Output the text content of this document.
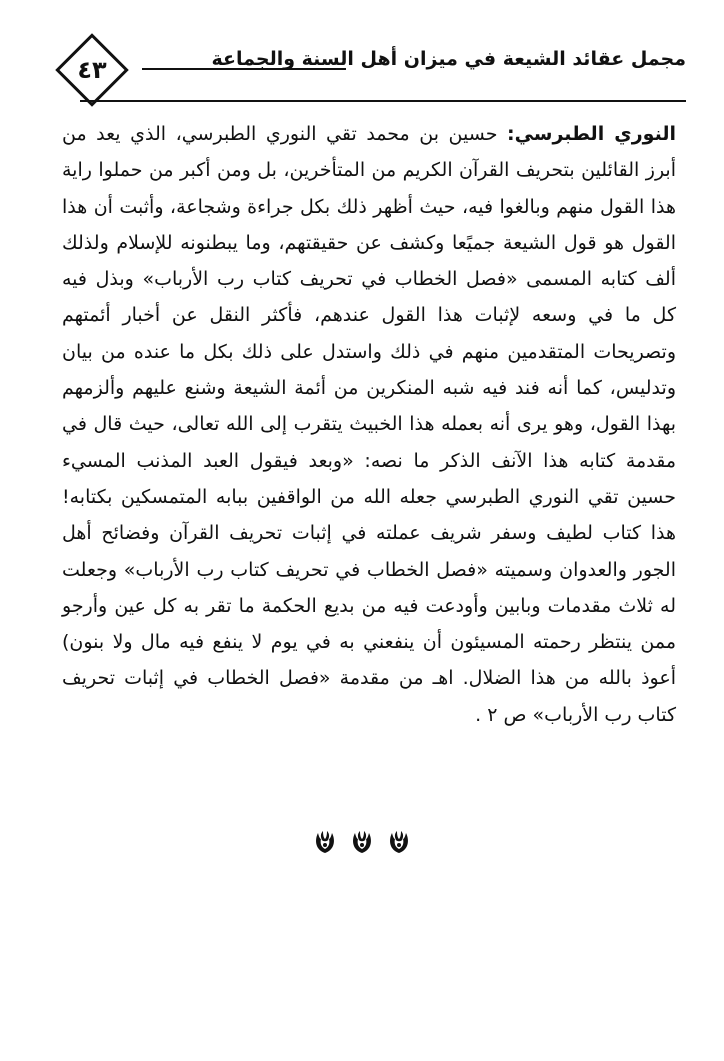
٤٣	مجمل عقائد الشيعة في ميزان أهل السنة والجماعة
النوري الطبرسي: حسين بن محمد تقي النوري الطبرسي، الذي يعد من أبرز القائلين بتحريف القرآن الكريم من المتأخرين، بل ومن أكبر من حملوا راية هذا القول منهم وبالغوا فيه، حيث أظهر ذلك بكل جراءة وشجاعة، وأثبت أن هذا القول هو قول الشيعة جميًعا وكشف عن حقيقتهم، وما يبطنونه للإسلام ولذلك ألف كتابه المسمى «فصل الخطاب في تحريف كتاب رب الأرباب» وبذل فيه كل ما في وسعه لإثبات هذا القول عندهم، فأكثر النقل عن أخبار أئمتهم وتصريحات المتقدمين منهم في ذلك واستدل على ذلك بكل ما عنده من بيان وتدليس، كما أنه فند فيه شبه المنكرين من أئمة الشيعة وشنع عليهم وألزمهم بهذا القول، وهو يرى أنه بعمله هذا الخبيث يتقرب إلى الله تعالى، حيث قال في مقدمة كتابه هذا الآنف الذكر ما نصه: «وبعد فيقول العبد المذنب المسيء حسين تقي النوري الطبرسي جعله الله من الواقفين ببابه المتمسكين بكتابه! هذا كتاب لطيف وسفر شريف عملته في إثبات تحريف القرآن وفضائح أهل الجور والعدوان وسميته «فصل الخطاب في تحريف كتاب رب الأرباب» وجعلت له ثلاث مقدمات وبابين وأودعت فيه من بديع الحكمة ما تقر به كل عين وأرجو ممن ينتظر رحمته المسيئون أن ينفعني به في يوم لا ينفع فيه مال ولا بنون) أعوذ بالله من هذا الضلال. اهـ من مقدمة «فصل الخطاب في إثبات تحريف كتاب رب الأرباب» ص ٢ .
